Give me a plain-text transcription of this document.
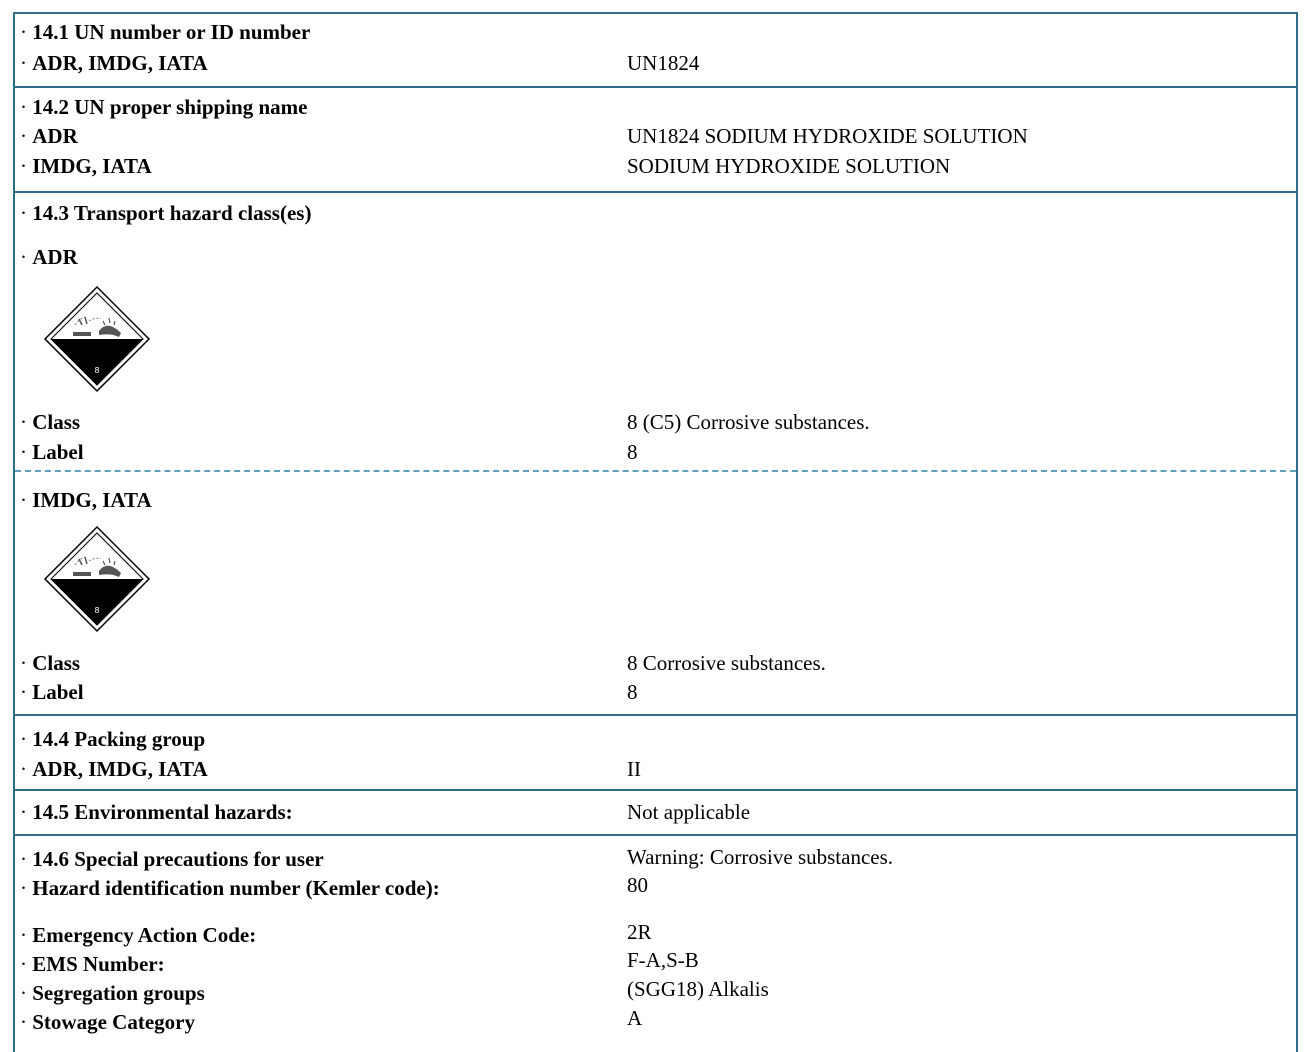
· 14.1 UN number or ID number
· ADR, IMDG, IATA	UN1824
· 14.2 UN proper shipping name
· ADR	UN1824 SODIUM HYDROXIDE SOLUTION
· IMDG, IATA	SODIUM HYDROXIDE SOLUTION
· 14.3 Transport hazard class(es)
· ADR
8
· Class	8 (C5) Corrosive substances.
· Label	8
· IMDG, IATA
8
· Class	8 Corrosive substances.
· Label	8
· 14.4 Packing group
· ADR, IMDG, IATA	II
· 14.5 Environmental hazards:	Not applicable
· 14.6 Special precautions for user	Warning: Corrosive substances.
· Hazard identification number (Kemler code):	80
· Emergency Action Code:	2R
· EMS Number:	F-A,S-B
· Segregation groups	(SGG18) Alkalis
· Stowage Category	A
